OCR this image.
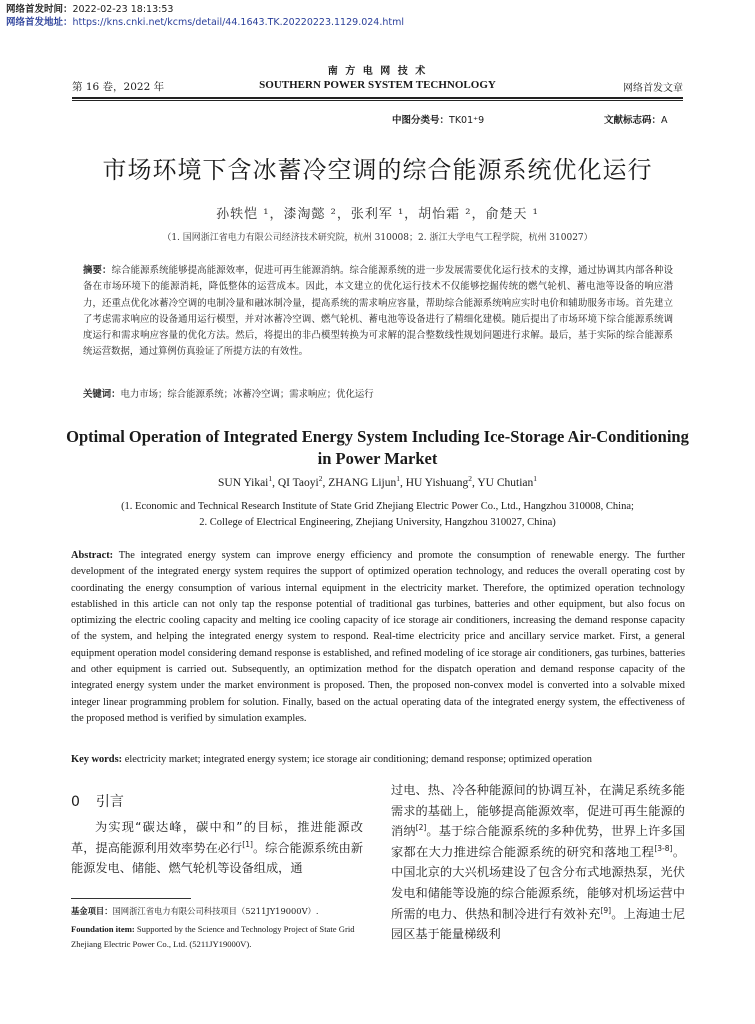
网络首发时间：2022-02-23 18:13:53
网络首发地址：https://kns.cnki.net/kcms/detail/44.1643.TK.20220223.1129.024.html
南 方 电 网 技 术
第 16 卷，2022 年	SOUTHERN POWER SYSTEM TECHNOLOGY	网络首发文章
中图分类号：TK01⁺9	文献标志码：A
市场环境下含冰蓄冷空调的综合能源系统优化运行
孙轶恺 ¹，漆淘懿 ²，张利军 ¹，胡怡霜 ²，俞楚天 ¹
（1. 国网浙江省电力有限公司经济技术研究院，杭州 310008；2. 浙江大学电气工程学院，杭州 310027）
摘要：综合能源系统能够提高能源效率，促进可再生能源消纳。综合能源系统的进一步发展需要优化运行技术的支撑，通过协调其内部各种设备在市场环境下的能源消耗，降低整体的运营成本。因此，本文建立的优化运行技术不仅能够挖掘传统的燃气轮机、蓄电池等设备的响应潜力，还重点优化冰蓄冷空调的电制冷量和融冰制冷量，提高系统的需求响应容量，帮助综合能源系统响应实时电价和辅助服务市场。首先建立了考虑需求响应的设备通用运行模型，并对冰蓄冷空调、燃气轮机、蓄电池等设备进行了精细化建模。随后提出了市场环境下综合能源系统调度运行和需求响应容量的优化方法。然后，将提出的非凸模型转换为可求解的混合整数线性规划问题进行求解。最后，基于实际的综合能源系统运营数据，通过算例仿真验证了所提方法的有效性。
关键词：电力市场；综合能源系统；冰蓄冷空调；需求响应；优化运行
Optimal Operation of Integrated Energy System Including Ice-Storage Air-Conditioning in Power Market
SUN Yikai$^1$, QI Taoyi$^2$, ZHANG Lijun$^1$, HU Yishuang$^2$, YU Chutian$^1$
(1. Economic and Technical Research Institute of State Grid Zhejiang Electric Power Co., Ltd., Hangzhou 310008, China;
2. College of Electrical Engineering, Zhejiang University, Hangzhou 310027, China)
Abstract: The integrated energy system can improve energy efficiency and promote the consumption of renewable energy. The further development of the integrated energy system requires the support of optimized operation technology, and reduces the overall operating cost by coordinating the energy consumption of various internal equipment in the electricity market. Therefore, the optimized operation technology established in this article can not only tap the response potential of traditional gas turbines, batteries and other equipment, but also focus on optimizing the electric cooling capacity and melting ice cooling capacity of ice storage air conditioners, increasing the demand response capacity of the system, and helping the integrated energy system to respond. Real-time electricity price and ancillary service market. First, a general equipment operation model considering demand response is established, and refined modeling of ice storage air conditioners, gas turbines, batteries and other equipment is carried out. Subsequently, an optimization method for the dispatch operation and demand response capacity of the integrated energy system under the market environment is proposed. Then, the proposed non-convex model is converted into a solvable mixed integer linear programming problem for solution. Finally, based on the actual operating data of the integrated energy system, the effectiveness of the proposed method is verified by simulation examples.
Key words: electricity market; integrated energy system; ice storage air conditioning; demand response; optimized operation
0 引言
为实现“碳达峰，碳中和”的目标，推进能源改革，提高能源利用效率势在必行[1]。综合能源系统由新能源发电、储能、燃气轮机等设备组成，通
过电、热、冷各种能源间的协调互补，在满足系统多能需求的基础上，能够提高能源效率，促进可再生能源的消纳[2]。基于综合能源系统的多种优势，世界上许多国家都在大力推进综合能源系统的研究和落地工程[3-8]。中国北京的大兴机场建设了包含分布式地源热泵，光伏发电和储能等设施的综合能源系统，能够对机场运营中所需的电力、供热和制冷进行有效补充[9]。上海迪士尼园区基于能量梯级利
基金项目：国网浙江省电力有限公司科技项目（5211JY19000V）.
Foundation item: Supported by the Science and Technology Project of State Grid Zhejiang Electric Power Co., Ltd. (5211JY19000V).
